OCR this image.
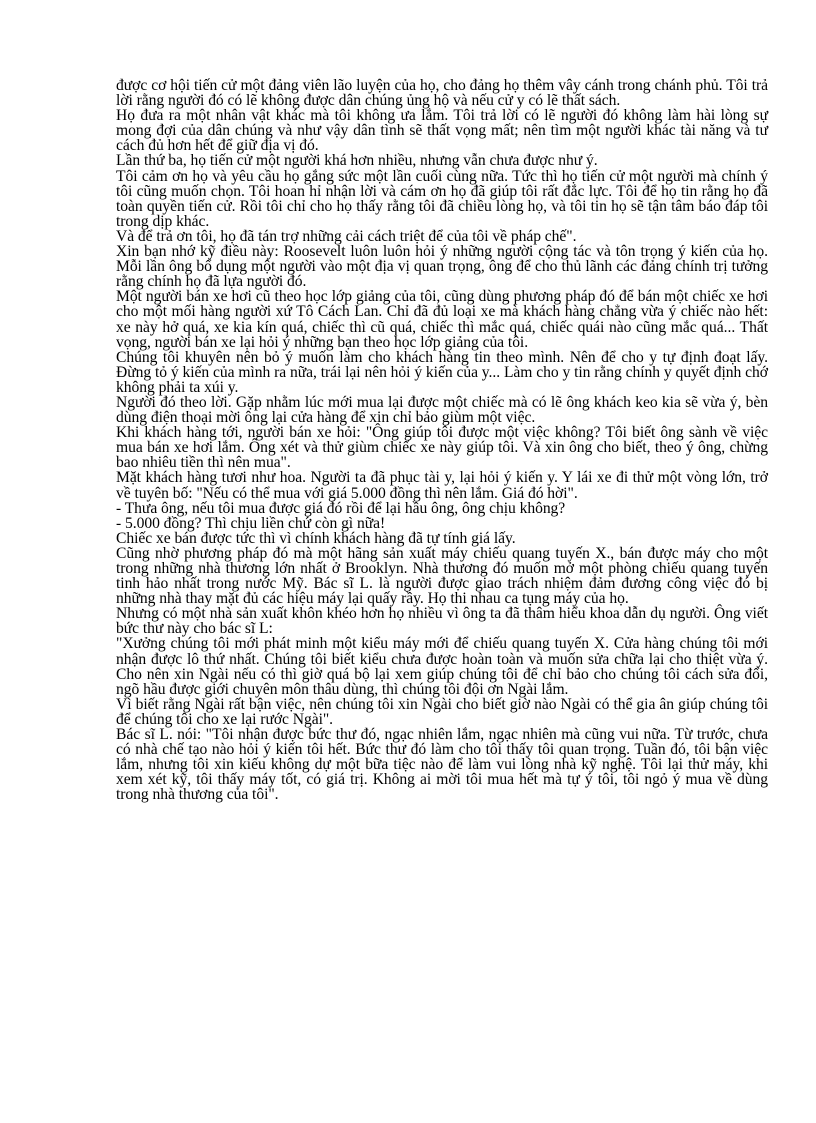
được cơ hội tiến cử một đảng viên lão luyện của họ, cho đảng họ thêm vây cánh trong chánh phủ. Tôi trả lời rằng người đó có lẽ không được dân chúng ủng hộ và nếu cử y có lẽ thất sách.

Họ đưa ra một nhân vật khác mà tôi không ưa lắm. Tôi trả lời có lẽ người đó không làm hài lòng sự mong đợi của dân chúng và như vậy dân tình sẽ thất vọng mất; nên tìm một người khác tài năng và tư cách đủ hơn hết để giữ địa vị đó.

Lần thứ ba, họ tiến cử một người khá hơn nhiều, nhưng vẫn chưa được như ý.

Tôi cảm ơn họ và yêu cầu họ gắng sức một lần cuối cùng nữa. Tức thì họ tiến cử một người mà chính ý tôi cũng muốn chọn. Tôi hoan hỉ nhận lời và cám ơn họ đã giúp tôi rất đắc lực. Tôi để họ tin rằng họ đã toàn quyền tiến cử. Rồi tôi chỉ cho họ thấy rằng tôi đã chiều lòng họ, và tôi tin họ sẽ tận tâm báo đáp tôi trong dịp khác.

Và để trả ơn tôi, họ đã tán trợ những cải cách triệt để của tôi về pháp chế".

Xin bạn nhớ kỹ điều này: Roosevelt luôn luôn hỏi ý những người cộng tác và tôn trọng ý kiến của họ. Mỗi lần ông bổ dụng một người vào một địa vị quan trọng, ông để cho thủ lãnh các đảng chính trị tưởng rằng chính họ đã lựa người đó.

Một người bán xe hơi cũ theo học lớp giảng của tôi, cũng dùng phương pháp đó để bán một chiếc xe hơi cho một mối hàng người xứ Tô Cách Lan. Chỉ đã đủ loại xe mà khách hàng chẳng vừa ý chiếc nào hết: xe này hở quá, xe kia kín quá, chiếc thì cũ quá, chiếc thì mắc quá, chiếc quái nào cũng mắc quá... Thất vọng, người bán xe lại hỏi ý những bạn theo học lớp giảng của tôi.

Chúng tôi khuyên nên bỏ ý muốn làm cho khách hàng tin theo mình. Nên để cho y tự định đoạt lấy. Đừng tỏ ý kiến của mình ra nữa, trái lại nên hỏi ý kiến của y... Làm cho y tin rằng chính y quyết định chớ không phải ta xúi y.

Người đó theo lời. Gặp nhằm lúc mới mua lại được một chiếc mà có lẽ ông khách keo kia sẽ vừa ý, bèn dùng điện thoại mời ông lại cửa hàng để xin chỉ bảo giùm một việc.

Khi khách hàng tới, người bán xe hỏi: "Ông giúp tôi được một việc không? Tôi biết ông sành về việc mua bán xe hơi lắm. Ông xét và thử giùm chiếc xe này giúp tôi. Và xin ông cho biết, theo ý ông, chừng bao nhiêu tiền thì nên mua".

Mặt khách hàng tươi như hoa. Người ta đã phục tài y, lại hỏi ý kiến y. Y lái xe đi thử một vòng lớn, trở về tuyên bố: "Nếu có thể mua với giá 5.000 đồng thì nên lắm. Giá đó hời".

- Thưa ông, nếu tôi mua được giá đó rồi để lại hầu ông, ông chịu không?

- 5.000 đồng? Thì chịu liền chứ còn gì nữa!

Chiếc xe bán được tức thì vì chính khách hàng đã tự tính giá lấy.

Cũng nhờ phương pháp đó mà một hãng sản xuất máy chiếu quang tuyến X., bán được máy cho một trong những nhà thương lớn nhất ở Brooklyn. Nhà thương đó muốn mở một phòng chiếu quang tuyến tinh hảo nhất trong nước Mỹ. Bác sĩ L. là người được giao trách nhiệm đảm đương công việc đó bị những nhà thay mặt đủ các hiệu máy lại quấy rầy. Họ thi nhau ca tụng máy của họ.

Nhưng có một nhà sản xuất khôn khéo hơn họ nhiều vì ông ta đã thâm hiểu khoa dẫn dụ người. Ông viết bức thư này cho bác sĩ L:

"Xưởng chúng tôi mới phát minh một kiểu máy mới để chiếu quang tuyến X. Cửa hàng chúng tôi mới nhận được lô thứ nhất. Chúng tôi biết kiểu chưa được hoàn toàn và muốn sửa chữa lại cho thiệt vừa ý. Cho nên xin Ngài nếu có thì giờ quá bộ lại xem giúp chúng tôi để chỉ bảo cho chúng tôi cách sửa đổi, ngõ hầu được giới chuyên môn thâu dùng, thì chúng tôi đội ơn Ngài lắm.

Vì biết rằng Ngài rất bận việc, nên chúng tôi xin Ngài cho biết giờ nào Ngài có thể gia ân giúp chúng tôi để chúng tôi cho xe lại rước Ngài".

Bác sĩ L. nói: "Tôi nhận được bức thư đó, ngạc nhiên lắm, ngạc nhiên mà cũng vui nữa. Từ trước, chưa có nhà chế tạo nào hỏi ý kiến tôi hết. Bức thư đó làm cho tôi thấy tôi quan trọng. Tuần đó, tôi bận việc lắm, nhưng tôi xin kiếu không dự một bữa tiệc nào để làm vui lòng nhà kỹ nghệ. Tôi lại thử máy, khi xem xét kỹ, tôi thấy máy tốt, có giá trị. Không ai mời tôi mua hết mà tự ý tôi, tôi ngỏ ý mua về dùng trong nhà thương của tôi".
